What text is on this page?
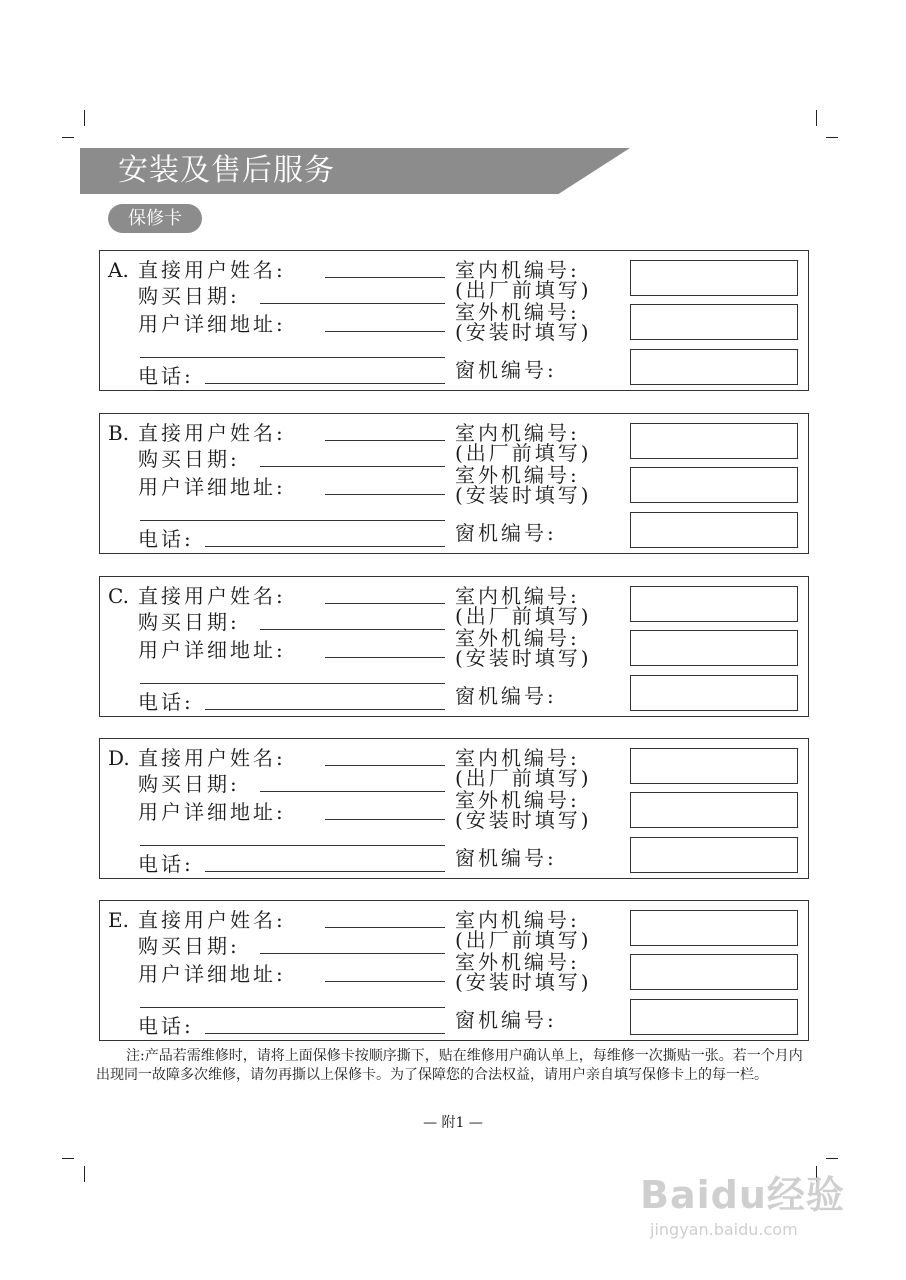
安装及售后服务
保修卡
A. 直接用户姓名:
购买日期:
用户详细地址:
电话:
室内机编号:
(出厂前填写)
室外机编号:
(安装时填写)
窗机编号:
B. 直接用户姓名:
购买日期:
用户详细地址:
电话:
室内机编号:
(出厂前填写)
室外机编号:
(安装时填写)
窗机编号:
C. 直接用户姓名:
购买日期:
用户详细地址:
电话:
室内机编号:
(出厂前填写)
室外机编号:
(安装时填写)
窗机编号:
D. 直接用户姓名:
购买日期:
用户详细地址:
电话:
室内机编号:
(出厂前填写)
室外机编号:
(安装时填写)
窗机编号:
E. 直接用户姓名:
购买日期:
用户详细地址:
电话:
室内机编号:
(出厂前填写)
室外机编号:
(安装时填写)
窗机编号:
注:产品若需维修时，请将上面保修卡按顺序撕下，贴在维修用户确认单上，每维修一次撕贴一张。若一个月内出现同一故障多次维修，请勿再撕以上保修卡。为了保障您的合法权益，请用户亲自填写保修卡上的每一栏。
— 附1 —
Baidu经验
jingyan.baidu.com
